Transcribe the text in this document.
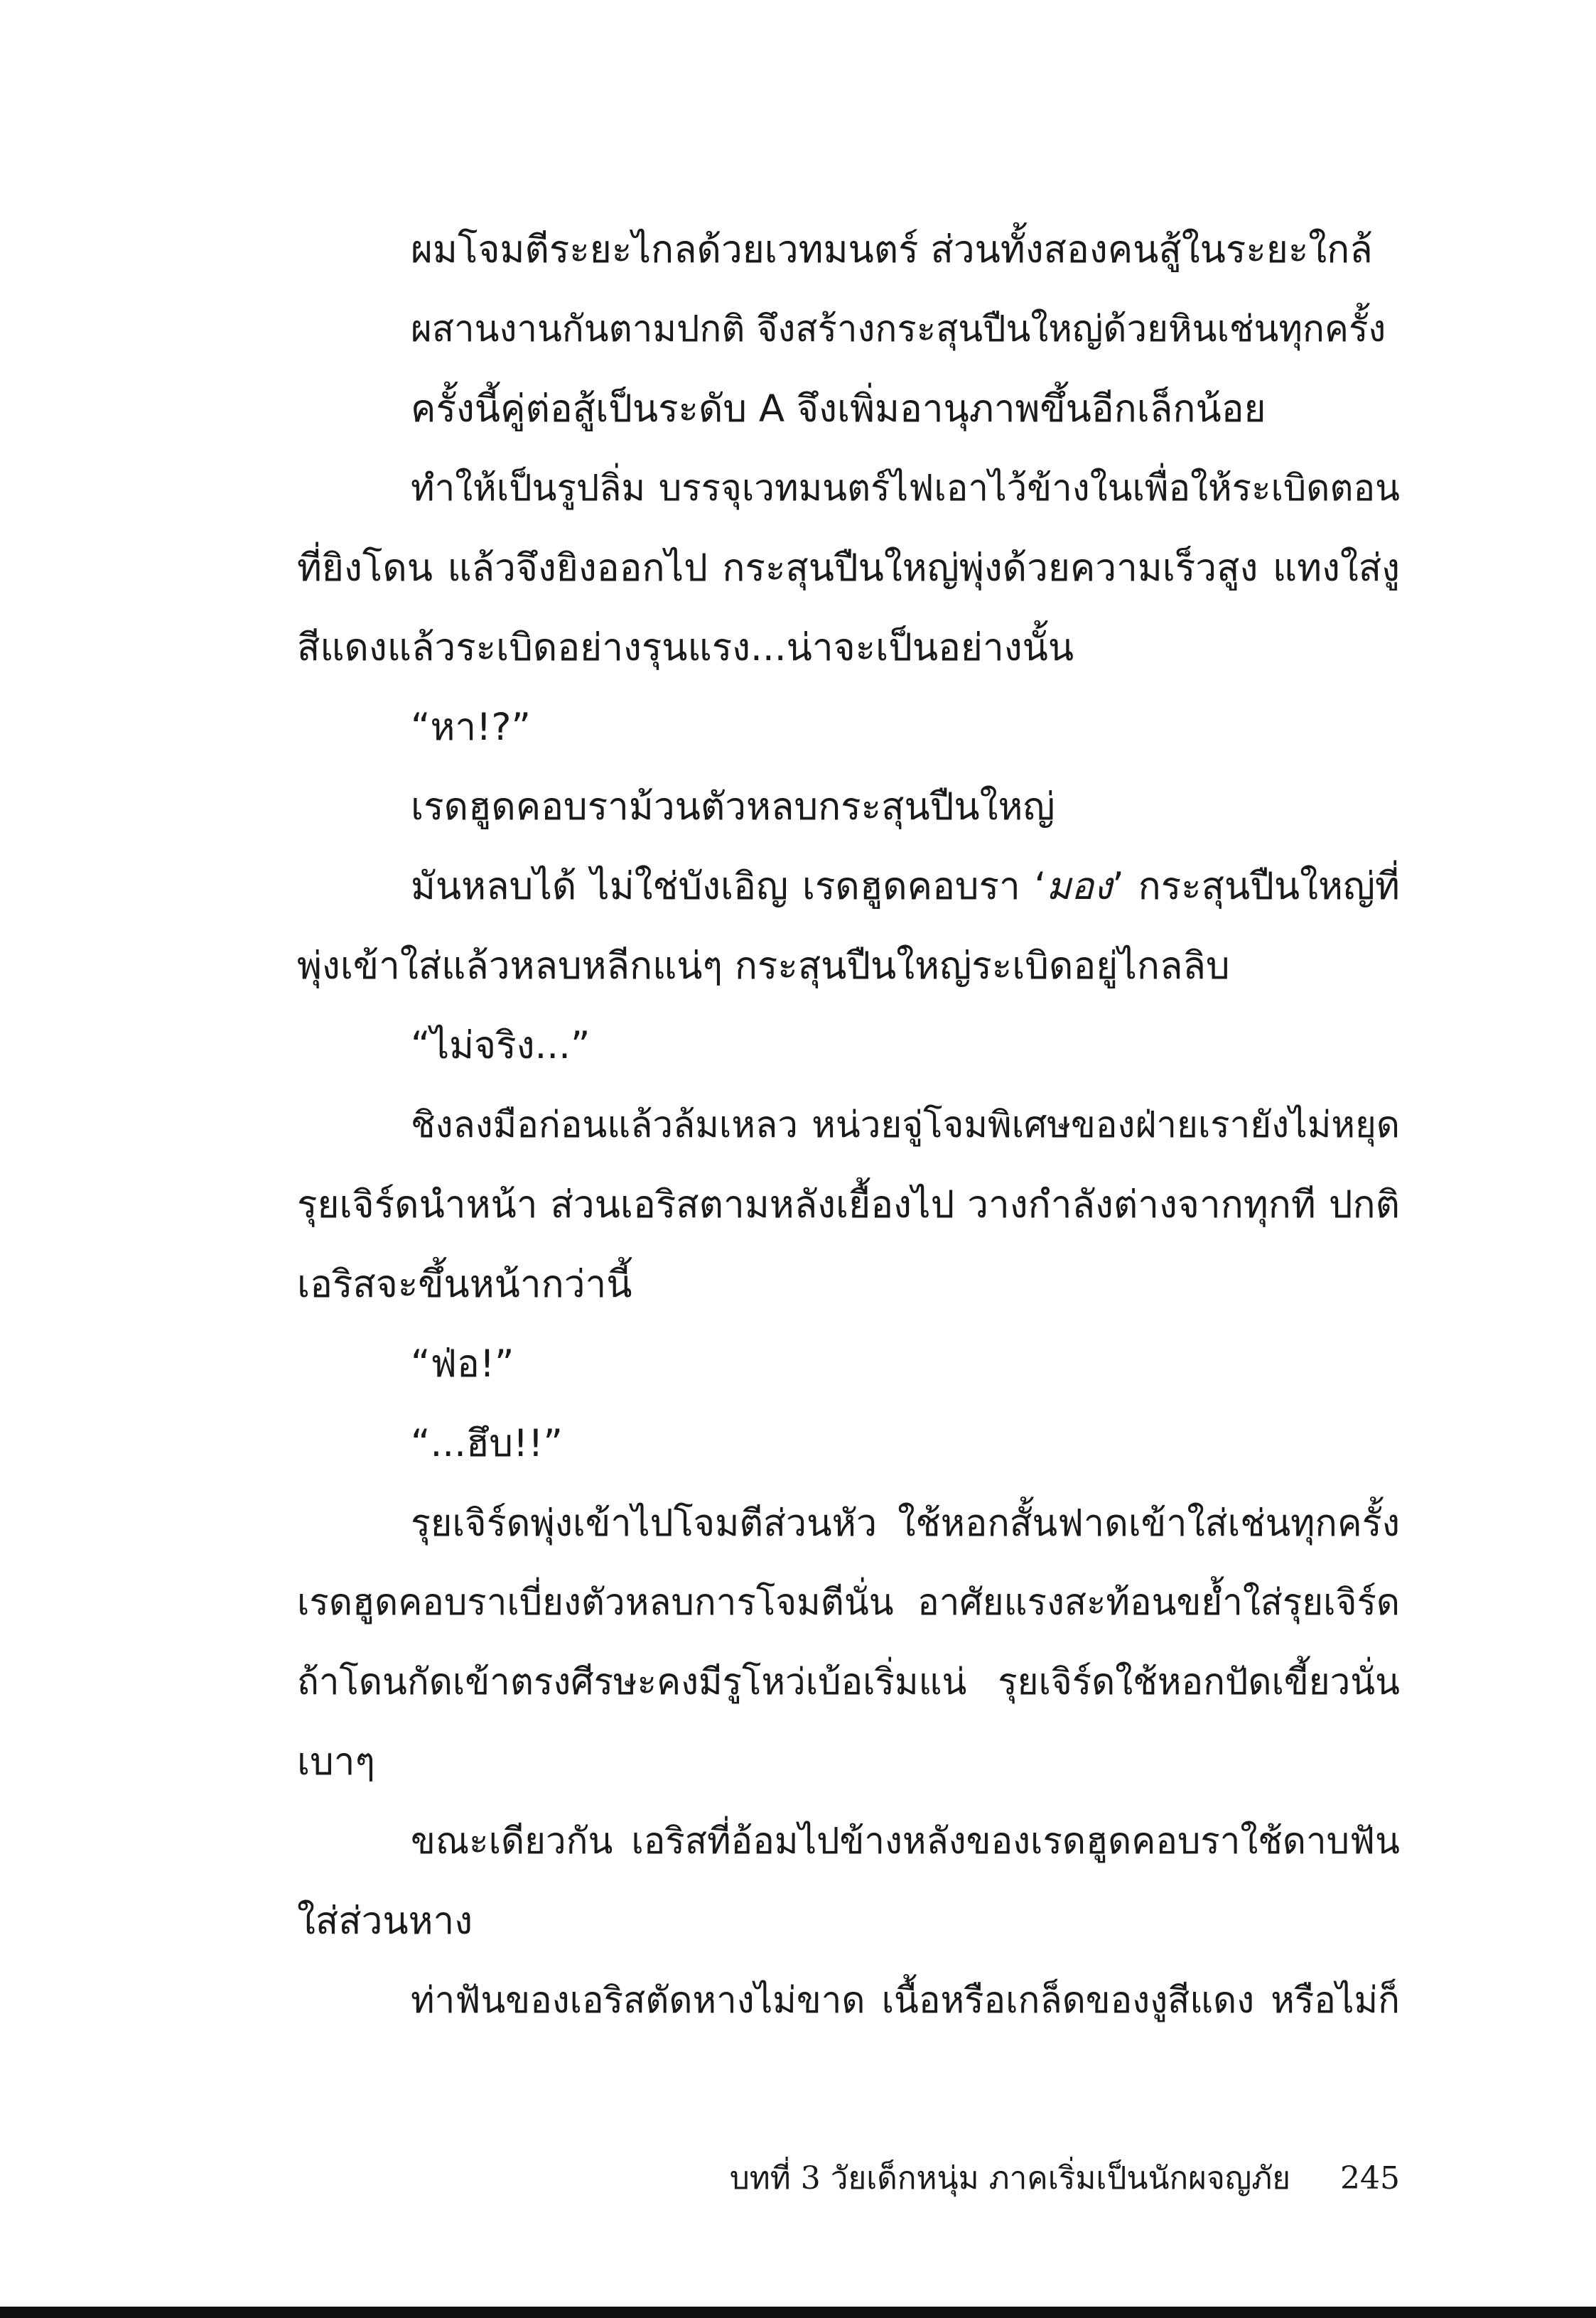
ผมโจมตีระยะไกลด้วยเวทมนตร์ ส่วนทั้งสองคนสู้ในระยะใกล้
ผสานงานกันตามปกติ จึงสร้างกระสุนปืนใหญ่ด้วยหินเช่นทุกครั้ง
ครั้งนี้คู่ต่อสู้เป็นระดับ A จึงเพิ่มอานุภาพขึ้นอีกเล็กน้อย
ทำให้เป็นรูปลิ่ม บรรจุเวทมนตร์ไฟเอาไว้ข้างในเพื่อให้ระเบิดตอน
ที่ยิงโดน แล้วจึงยิงออกไป กระสุนปืนใหญ่พุ่งด้วยความเร็วสูง แทงใส่งู
สีแดงแล้วระเบิดอย่างรุนแรง...น่าจะเป็นอย่างนั้น
“หา!?”
เรดฮูดคอบราม้วนตัวหลบกระสุนปืนใหญ่
มันหลบได้ ไม่ใช่บังเอิญ เรดฮูดคอบรา ‘มอง’ กระสุนปืนใหญ่ที่
พุ่งเข้าใส่แล้วหลบหลีกแน่ๆ กระสุนปืนใหญ่ระเบิดอยู่ไกลลิบ
“ไม่จริง...”
ชิงลงมือก่อนแล้วล้มเหลว หน่วยจู่โจมพิเศษของฝ่ายเรายังไม่หยุด
รุยเจิร์ดนำหน้า ส่วนเอริสตามหลังเยื้องไป วางกำลังต่างจากทุกที ปกติ
เอริสจะขึ้นหน้ากว่านี้
“ฟ่อ!”
“...ฮึบ!!”
รุยเจิร์ดพุ่งเข้าไปโจมตีส่วนหัว ใช้หอกสั้นฟาดเข้าใส่เช่นทุกครั้ง
เรดฮูดคอบราเบี่ยงตัวหลบการโจมตีนั่น อาศัยแรงสะท้อนขย้ำใส่รุยเจิร์ด
ถ้าโดนกัดเข้าตรงศีรษะคงมีรูโหว่เบ้อเริ่มแน่ รุยเจิร์ดใช้หอกปัดเขี้ยวนั่น
เบาๆ
ขณะเดียวกัน เอริสที่อ้อมไปข้างหลังของเรดฮูดคอบราใช้ดาบฟัน
ใส่ส่วนหาง
ท่าฟันของเอริสตัดหางไม่ขาด เนื้อหรือเกล็ดของงูสีแดง หรือไม่ก็
บทที่ 3 วัยเด็กหนุ่ม ภาคเริ่มเป็นนักผจญภัย 245
